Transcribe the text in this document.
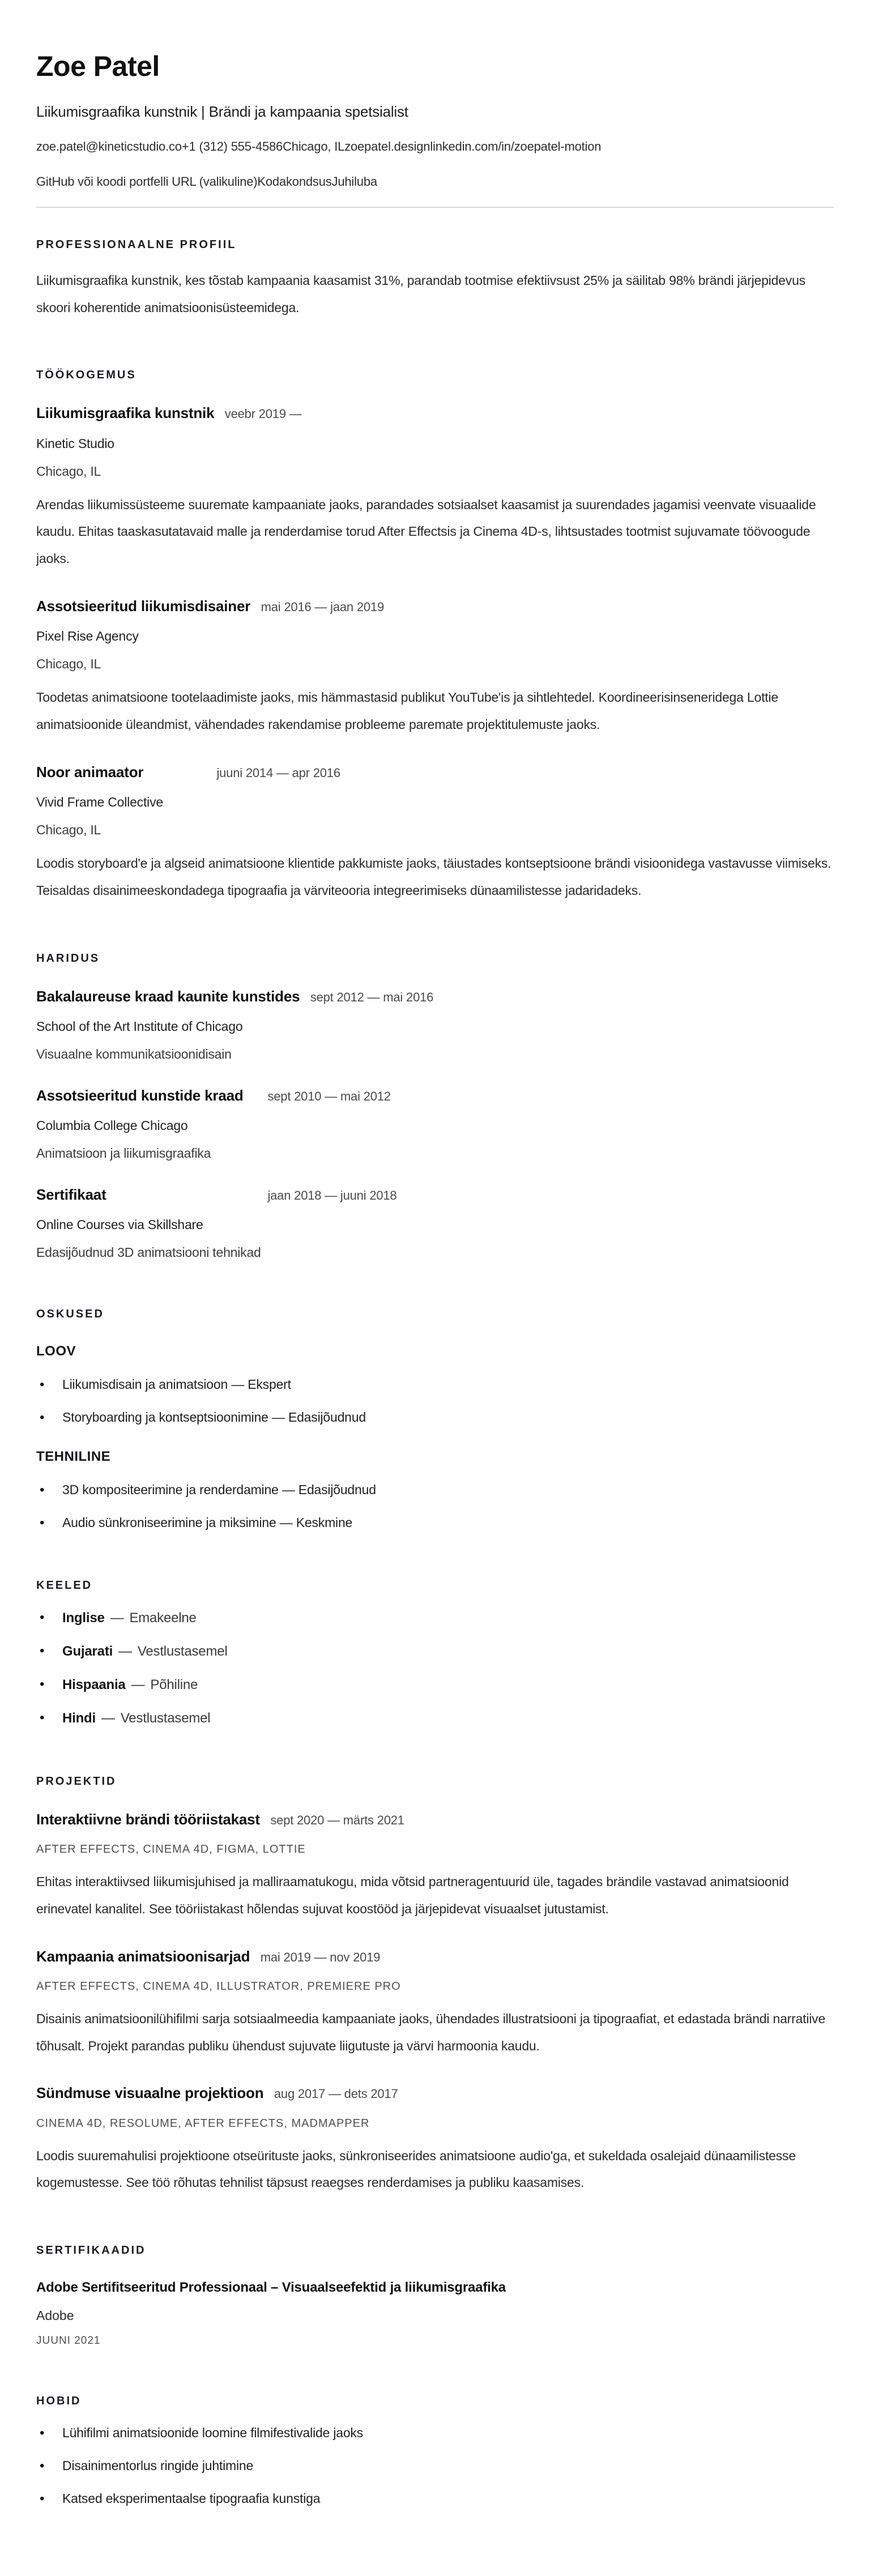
Zoe Patel
Liikumisgraafika kunstnik | Brändi ja kampaania spetsialist
zoe.patel@kineticstudio.co+1 (312) 555-4586Chicago, ILzoepatel.designlinkedin.com/in/zoepatel-motion
GitHub või koodi portfelli URL (valikuline)KodakondsusJuhiluba
PROFESSIONAALNE PROFIIL

Liikumisgraafika kunstnik, kes tõstab kampaania kaasamist 31%, parandab tootmise efektiivsust 25% ja säilitab 98% brändi järjepidevus skoori koherentide animatsioonisüsteemidega.

TÖÖKOGEMUS
Liikumisgraafika kunstnik veebr 2019 —
Kinetic Studio
Chicago, IL

Arendas liikumissüsteeme suuremate kampaaniate jaoks, parandades sotsiaalset kaasamist ja suurendades jagamisi veenvate visuaalide kaudu. Ehitas taaskasutatavaid malle ja renderdamise torud After Effectsis ja Cinema 4D-s, lihtsustades tootmist sujuvamate töövoogude jaoks.

Assotsieeritud liikumisdisainer mai 2016 — jaan 2019
Pixel Rise Agency
Chicago, IL

Toodetas animatsioone tootelaadimiste jaoks, mis hämmastasid publikut YouTube'is ja sihtlehtedel. Koordineerisinseneridega Lottie animatsioonide üleandmist, vähendades rakendamise probleeme paremate projektitulemuste jaoks.

Noor animaator	juuni 2014 — apr 2016
Vivid Frame Collective
Chicago, IL

Loodis storyboard'e ja algseid animatsioone klientide pakkumiste jaoks, täiustades kontseptsioone brändi visioonidega vastavusse viimiseks. Teisaldas disainimeeskondadega tipograafia ja värviteooria integreerimiseks dünaamilistesse jadaridadeks.

HARIDUS
Bakalaureuse kraad kaunite kunstides sept 2012 — mai 2016
School of the Art Institute of Chicago
Visuaalne kommunikatsioonidisain
Assotsieeritud kunstide kraad sept 2010 — mai 2012
Columbia College Chicago
Animatsioon ja liikumisgraafika
Sertifikaat	jaan 2018 — juuni 2018
Online Courses via Skillshare
Edasijõudnud 3D animatsiooni tehnikad
OSKUSED
LOOV
• Liikumisdisain ja animatsioon — Ekspert
• Storyboarding ja kontseptsioonimine — Edasijõudnud
TEHNILINE
• 3D kompositeerimine ja renderdamine — Edasijõudnud
• Audio sünkroniseerimine ja miksimine — Keskmine
KEELED
• Inglise — Emakeelne
• Gujarati — Vestlustasemel
• Hispaania — Põhiline
• Hindi — Vestlustasemel
PROJEKTID
Interaktiivne brändi tööriistakast sept 2020 — märts 2021
AFTER EFFECTS, CINEMA 4D, FIGMA, LOTTIE

Ehitas interaktiivsed liikumisjuhised ja malliraamatukogu, mida võtsid partneragentuurid üle, tagades brändile vastavad animatsioonid erinevatel kanalitel. See tööriistakast hõlendas sujuvat koostööd ja järjepidevat visuaalset jutustamist.

Kampaania animatsioonisarjad mai 2019 — nov 2019
AFTER EFFECTS, CINEMA 4D, ILLUSTRATOR, PREMIERE PRO

Disainis animatsioonilühifilmi sarja sotsiaalmeedia kampaaniate jaoks, ühendades illustratsiooni ja tipograafiat, et edastada brändi narratiive tõhusalt. Projekt parandas publiku ühendust sujuvate liigutuste ja värvi harmoonia kaudu.

Sündmuse visuaalne projektioon aug 2017 — dets 2017
CINEMA 4D, RESOLUME, AFTER EFFECTS, MADMAPPER

Loodis suuremahulisi projektioone otseürituste jaoks, sünkroniseerides animatsioone audio'ga, et sukeldada osalejaid dünaamilistesse kogemustesse. See töö rõhutas tehnilist täpsust reaegses renderdamises ja publiku kaasamises.

SERTIFIKAADID
Adobe Sertifitseeritud Professionaal – Visuaalseefektid ja liikumisgraafika
Adobe
JUUNI 2021
HOBID
• Lühifilmi animatsioonide loomine filmifestivalide jaoks
• Disainimentorlus ringide juhtimine
• Katsed eksperimentaalse tipograafia kunstiga
